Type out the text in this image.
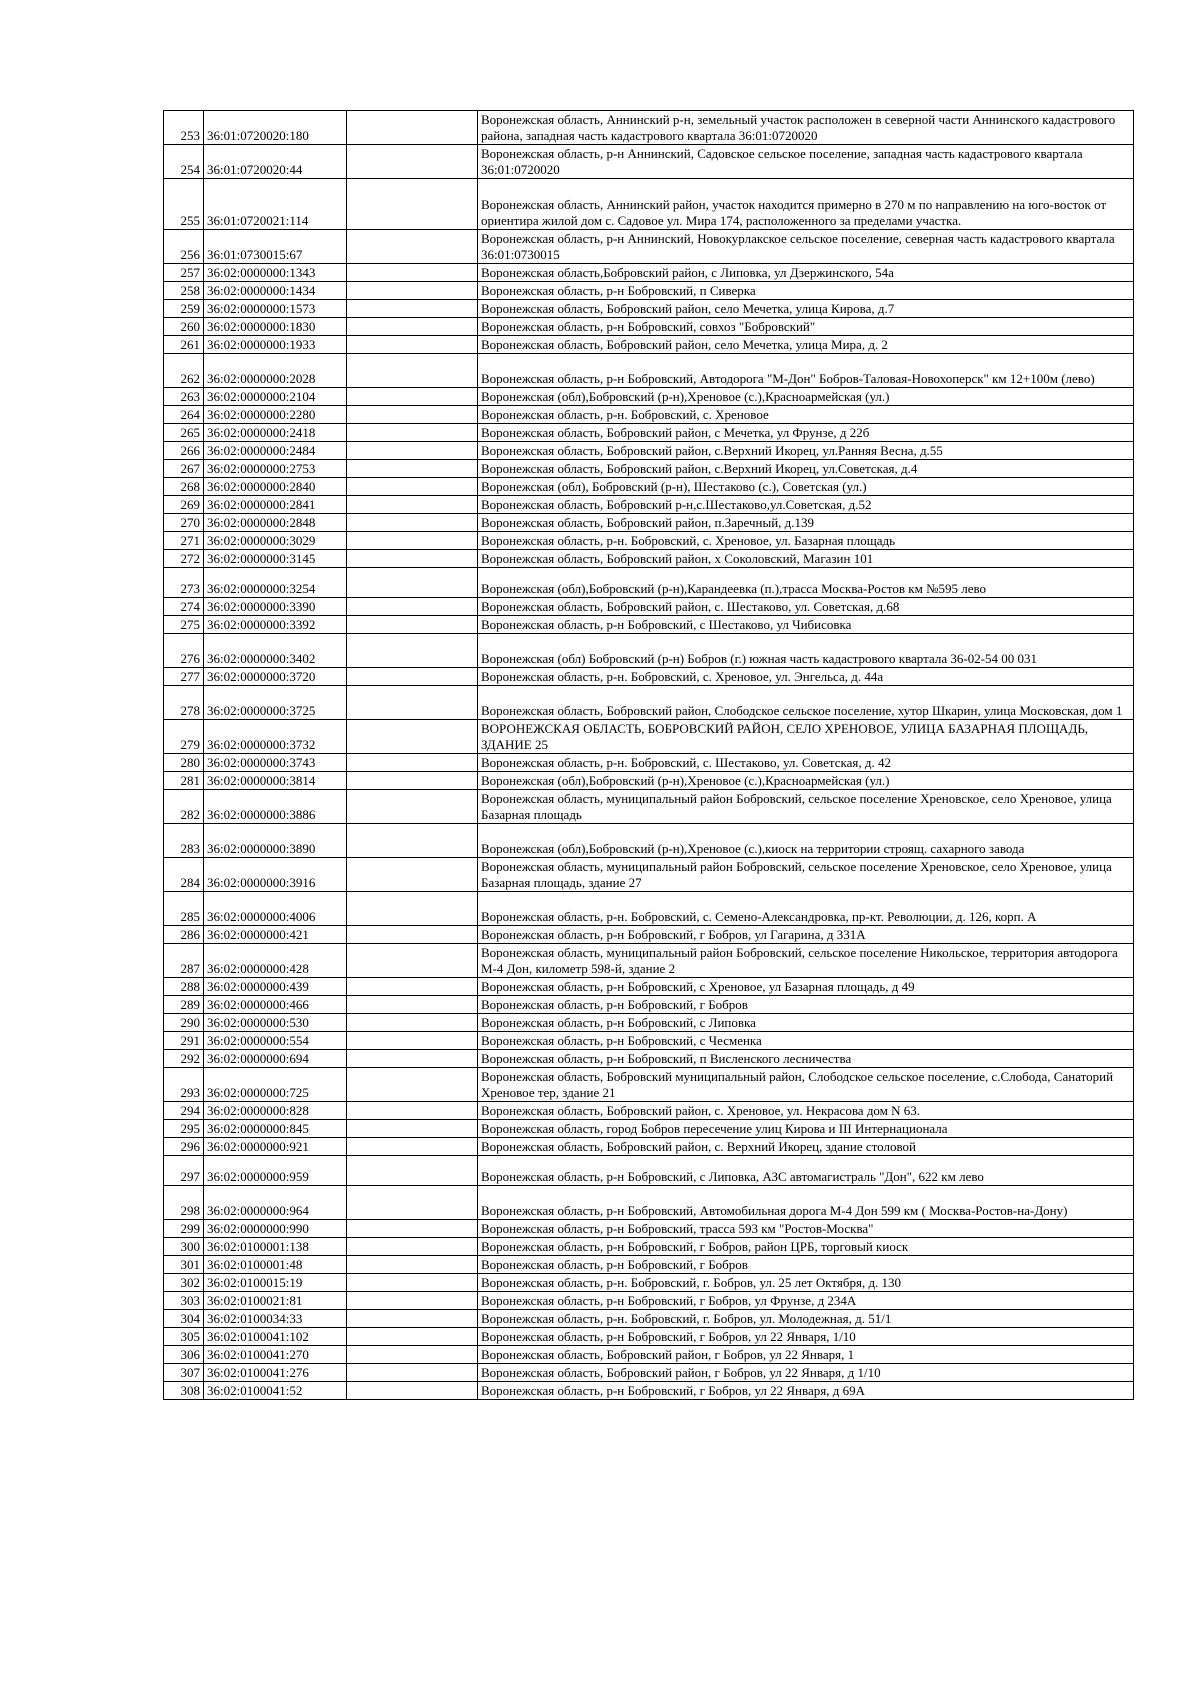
253	36:01:0720020:180		Воронежская область, Аннинский р-н, земельный участок расположен в северной части Аннинского кадастрового района, западная часть кадастрового квартала 36:01:0720020
254	36:01:0720020:44		Воронежская область, р-н Аннинский, Садовское сельское поселение, западная часть кадастрового квартала 36:01:0720020
255	36:01:0720021:114		Воронежская область, Аннинский район, участок находится примерно в 270 м по направлению на юго-восток от ориентира жилой дом с. Садовое ул. Мира 174, расположенного за пределами участка.
256	36:01:0730015:67		Воронежская область, р-н Аннинский, Новокурлакское сельское поселение, северная часть кадастрового квартала 36:01:0730015
257	36:02:0000000:1343		Воронежская область,Бобровский район, с Липовка, ул Дзержинского, 54а
258	36:02:0000000:1434		Воронежская область, р-н Бобровский, п Сиверка
259	36:02:0000000:1573		Воронежская область, Бобровский район, село Мечетка, улица Кирова, д.7
260	36:02:0000000:1830		Воронежская область, р-н Бобровский, совхоз "Бобровский"
261	36:02:0000000:1933		Воронежская область, Бобровский район, село Мечетка, улица Мира, д. 2
262	36:02:0000000:2028		Воронежская область, р-н Бобровский, Автодорога "М-Дон" Бобров-Таловая-Новохоперск" км 12+100м (лево)
263	36:02:0000000:2104		Воронежская (обл),Бобровский (р-н),Хреновое (с.),Красноармейская (ул.)
264	36:02:0000000:2280		Воронежская область, р-н. Бобровский, с. Хреновое
265	36:02:0000000:2418		Воронежская область, Бобровский район, с Мечетка, ул Фрунзе, д 22б
266	36:02:0000000:2484		Воронежская область, Бобровский район, с.Верхний Икорец, ул.Ранняя Весна, д.55
267	36:02:0000000:2753		Воронежская область, Бобровский район, с.Верхний Икорец, ул.Советская, д.4
268	36:02:0000000:2840		Воронежская (обл), Бобровский (р-н), Шестаково (с.), Советская (ул.)
269	36:02:0000000:2841		Воронежская область, Бобровский р-н,с.Шестаково,ул.Советская, д.52
270	36:02:0000000:2848		Воронежская область, Бобровский район, п.Заречный, д.139
271	36:02:0000000:3029		Воронежская область, р-н. Бобровский, с. Хреновое, ул. Базарная площадь
272	36:02:0000000:3145		Воронежская область, Бобровский район, х Соколовский, Магазин 101
273	36:02:0000000:3254		Воронежская (обл),Бобровский (р-н),Карандеевка (п.),трасса Москва-Ростов км №595 лево
274	36:02:0000000:3390		Воронежская область, Бобровский район, с. Шестаково, ул. Советская, д.68
275	36:02:0000000:3392		Воронежская область, р-н Бобровский, с Шестаково, ул Чибисовка
276	36:02:0000000:3402		Воронежская (обл) Бобровский (р-н) Бобров (г.) южная часть кадастрового квартала 36-02-54 00 031
277	36:02:0000000:3720		Воронежская область, р-н. Бобровский, с. Хреновое, ул. Энгельса, д. 44а
278	36:02:0000000:3725		Воронежская область, Бобровский район, Слободское сельское поселение, хутор Шкарин, улица Московская, дом 1
279	36:02:0000000:3732		ВОРОНЕЖСКАЯ ОБЛАСТЬ, БОБРОВСКИЙ РАЙОН, СЕЛО ХРЕНОВОЕ, УЛИЦА БАЗАРНАЯ ПЛОЩАДЬ, ЗДАНИЕ 25
280	36:02:0000000:3743		Воронежская область, р-н. Бобровский, с. Шестаково, ул. Советская, д. 42
281	36:02:0000000:3814		Воронежская (обл),Бобровский (р-н),Хреновое (с.),Красноармейская (ул.)
282	36:02:0000000:3886		Воронежская область, муниципальный район Бобровский, сельское поселение Хреновское, село Хреновое, улица Базарная площадь
283	36:02:0000000:3890		Воронежская (обл),Бобровский (р-н),Хреновое (с.),киоск на территории строящ. сахарного завода
284	36:02:0000000:3916		Воронежская область, муниципальный район Бобровский, сельское поселение Хреновское, село Хреновое, улица Базарная площадь, здание 27
285	36:02:0000000:4006		Воронежская область, р-н. Бобровский, с. Семено-Александровка, пр-кт. Революции, д. 126, корп. А
286	36:02:0000000:421		Воронежская область, р-н Бобровский, г Бобров, ул Гагарина, д 331А
287	36:02:0000000:428		Воронежская область, муниципальный район Бобровский, сельское поселение Никольское, территория автодорога М-4 Дон, километр 598-й, здание 2
288	36:02:0000000:439		Воронежская область, р-н Бобровский, с Хреновое, ул Базарная площадь, д 49
289	36:02:0000000:466		Воронежская область, р-н Бобровский, г Бобров
290	36:02:0000000:530		Воронежская область, р-н Бобровский, с Липовка
291	36:02:0000000:554		Воронежская область, р-н Бобровский, с Чесменка
292	36:02:0000000:694		Воронежская область, р-н Бобровский, п Висленского лесничества
293	36:02:0000000:725		Воронежская область, Бобровский муниципальный район, Слободское сельское поселение, с.Слобода, Санаторий Хреновое тер, здание 21
294	36:02:0000000:828		Воронежская область, Бобровский район, с. Хреновое, ул. Некрасова дом N 63.
295	36:02:0000000:845		Воронежская область, город Бобров пересечение улиц Кирова и III Интернационала
296	36:02:0000000:921		Воронежская область, Бобровский район, с. Верхний Икорец, здание столовой
297	36:02:0000000:959		Воронежская область, р-н Бобровский, с Липовка, АЗС автомагистраль "Дон", 622 км лево
298	36:02:0000000:964		Воронежская область, р-н Бобровский, Автомобильная дорога М-4 Дон 599 км ( Москва-Ростов-на-Дону)
299	36:02:0000000:990		Воронежская область, р-н Бобровский, трасса 593 км "Ростов-Москва"
300	36:02:0100001:138		Воронежская область, р-н Бобровский, г Бобров, район ЦРБ, торговый киоск
301	36:02:0100001:48		Воронежская область, р-н Бобровский, г Бобров
302	36:02:0100015:19		Воронежская область, р-н. Бобровский, г. Бобров, ул. 25 лет Октября, д. 130
303	36:02:0100021:81		Воронежская область, р-н Бобровский, г Бобров, ул Фрунзе, д 234А
304	36:02:0100034:33		Воронежская область, р-н. Бобровский, г. Бобров, ул. Молодежная, д. 51/1
305	36:02:0100041:102		Воронежская область, р-н Бобровский, г Бобров, ул 22 Января, 1/10
306	36:02:0100041:270		Воронежская область, Бобровский район, г Бобров, ул 22 Января, 1
307	36:02:0100041:276		Воронежская область, Бобровский район, г Бобров, ул 22 Января, д 1/10
308	36:02:0100041:52		Воронежская область, р-н Бобровский, г Бобров, ул 22 Января, д 69А
